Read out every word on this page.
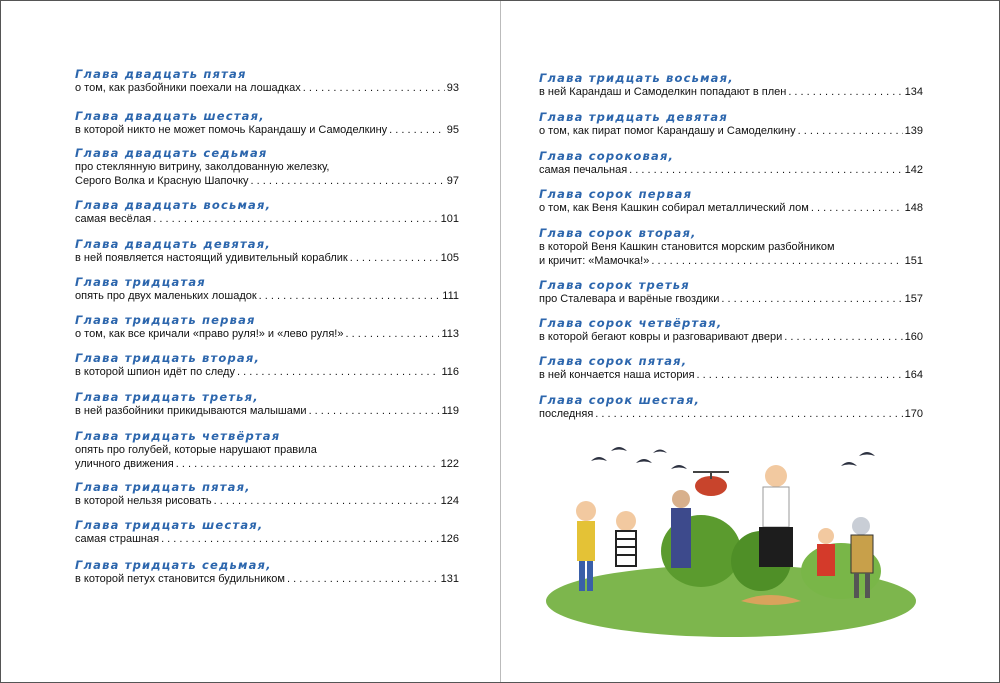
Глава двадцать пятая
о том, как разбойники поехали на лошадках . . .	93
Глава двадцать шестая,
в которой никто не может помочь Карандашу и Самоделкину . . .	95
Глава двадцать седьмая
про стеклянную витрину, заколдованную железку,
Серого Волка и Красную Шапочку . . .	97
Глава двадцать восьмая,
самая весёлая . . .	101
Глава двадцать девятая,
в ней появляется настоящий удивительный кораблик . . .	105
Глава тридцатая
опять про двух маленьких лошадок . . .	111
Глава тридцать первая
о том, как все кричали «право руля!» и «лево руля!» . . .	113
Глава тридцать вторая,
в которой шпион идёт по следу . . .	116
Глава тридцать третья,
в ней разбойники прикидываются малышами . . .	119
Глава тридцать четвёртая
опять про голубей, которые нарушают правила
уличного движения . . .	122
Глава тридцать пятая,
в которой нельзя рисовать . . .	124
Глава тридцать шестая,
самая страшная . . .	126
Глава тридцать седьмая,
в которой петух становится будильником . . .	131
Глава тридцать восьмая,
в ней Карандаш и Самоделкин попадают в плен . . .	134
Глава тридцать девятая
о том, как пират помог Карандашу и Самоделкину . . .	139
Глава сороковая,
самая печальная . . .	142
Глава сорок первая
о том, как Веня Кашкин собирал металлический лом . . .	148
Глава сорок вторая,
в которой Веня Кашкин становится морским разбойником
и кричит: «Мамочка!» . . .	151
Глава сорок третья
про Сталевара и варёные гвоздики . . .	157
Глава сорок четвёртая,
в которой бегают ковры и разговаривают двери . . .	160
Глава сорок пятая,
в ней кончается наша история . . .	164
Глава сорок шестая,
последняя . . .	170
